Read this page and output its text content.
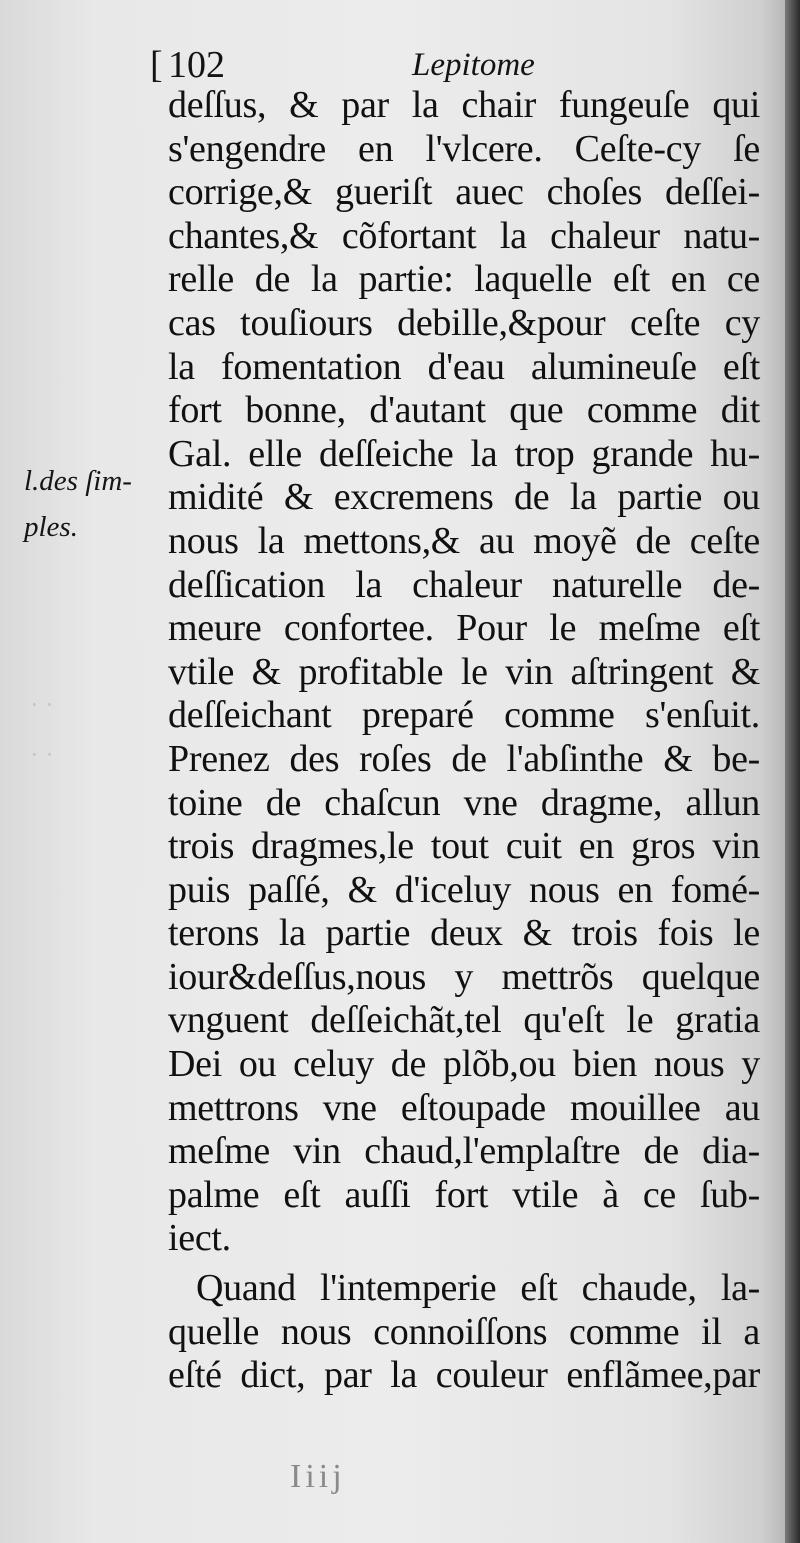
· ·
· ·
[ 102	Lepitome
l.des ſim-
ples.
deſſus, & par la chair fungeuſe qui
s'engendre en l'vlcere. Ceſte-cy ſe
corrige,& gueriſt auec choſes deſſei-
chantes,& cõfortant la chaleur natu-
relle de la partie: laquelle eſt en ce
cas touſiours debille,&pour ceſte cy
la fomentation d'eau alumineuſe eſt
fort bonne, d'autant que comme dit
Gal. elle deſſeiche la trop grande hu-
midité & excremens de la partie ou
nous la mettons,& au moyẽ de ceſte
deſſication la chaleur naturelle de-
meure confortee. Pour le meſme eſt
vtile & profitable le vin aſtringent &
deſſeichant preparé comme s'enſuit.
Prenez des roſes de l'abſinthe & be-
toine de chaſcun vne dragme, allun
trois dragmes,le tout cuit en gros vin
puis paſſé, & d'iceluy nous en fomé-
terons la partie deux & trois fois le
iour&deſſus,nous y mettrõs quelque
vnguent deſſeichãt,tel qu'eſt le gratia
Dei ou celuy de plõb,ou bien nous y
mettrons vne eſtoupade mouillee au
meſme vin chaud,l'emplaſtre de dia-
palme eſt auſſi fort vtile à ce ſub-
iect.
Quand l'intemperie eſt chaude, la-
quelle nous connoiſſons comme il a
eſté dict, par la couleur enflãmee,par
Iiij
